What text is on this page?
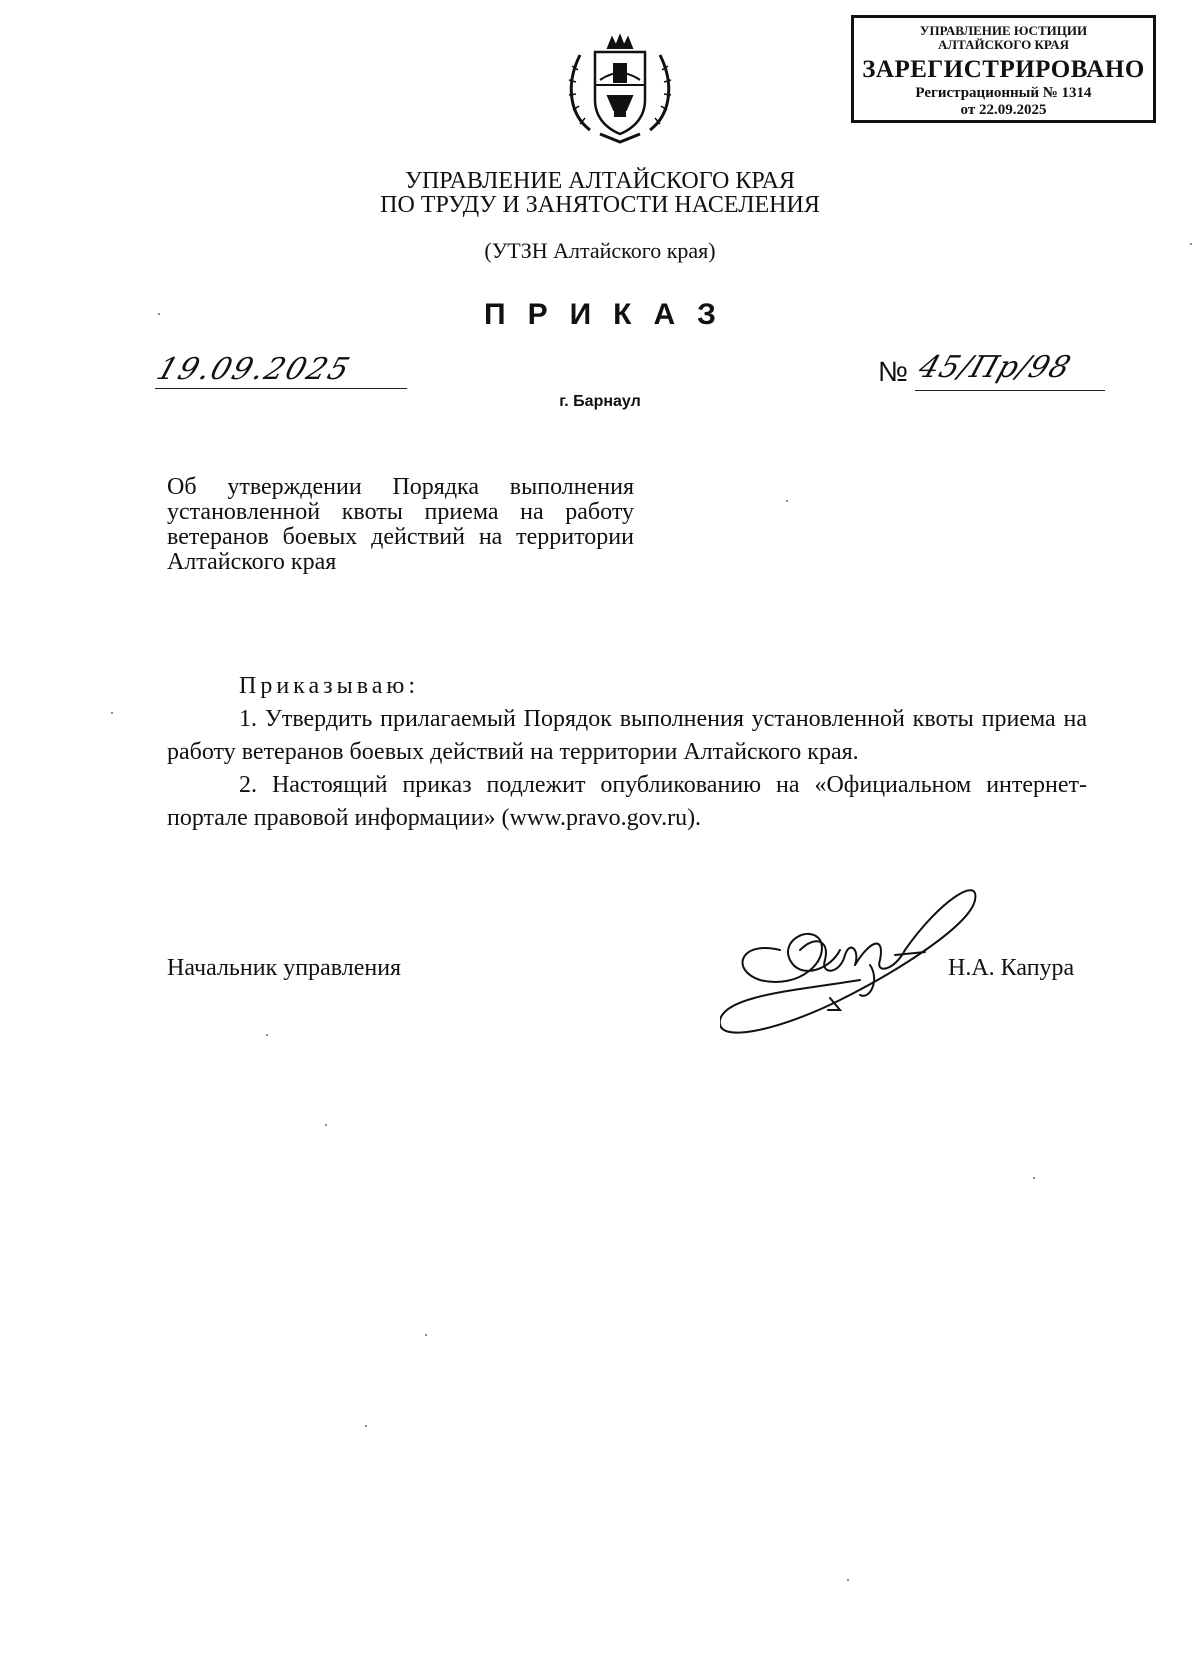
УПРАВЛЕНИЕ ЮСТИЦИИ
АЛТАЙСКОГО КРАЯ
ЗАРЕГИСТРИРОВАНО
Регистрационный № 1314
от 22.09.2025
УПРАВЛЕНИЕ АЛТАЙСКОГО КРАЯ
ПО ТРУДУ И ЗАНЯТОСТИ НАСЕЛЕНИЯ
(УТЗН Алтайского края)
ПРИКАЗ
19.09.2025	№ 45/Пр/98
г. Барнаул
Об утверждении Порядка выполнения установленной квоты приема на работу ветеранов боевых действий на территории Алтайского края
Приказываю:

1. Утвердить прилагаемый Порядок выполнения установленной квоты приема на работу ветеранов боевых действий на территории Алтайского края.

2. Настоящий приказ подлежит опубликованию на «Официальном интернет-портале правовой информации» (www.pravo.gov.ru).

Начальник управления	Н.А. Капура
